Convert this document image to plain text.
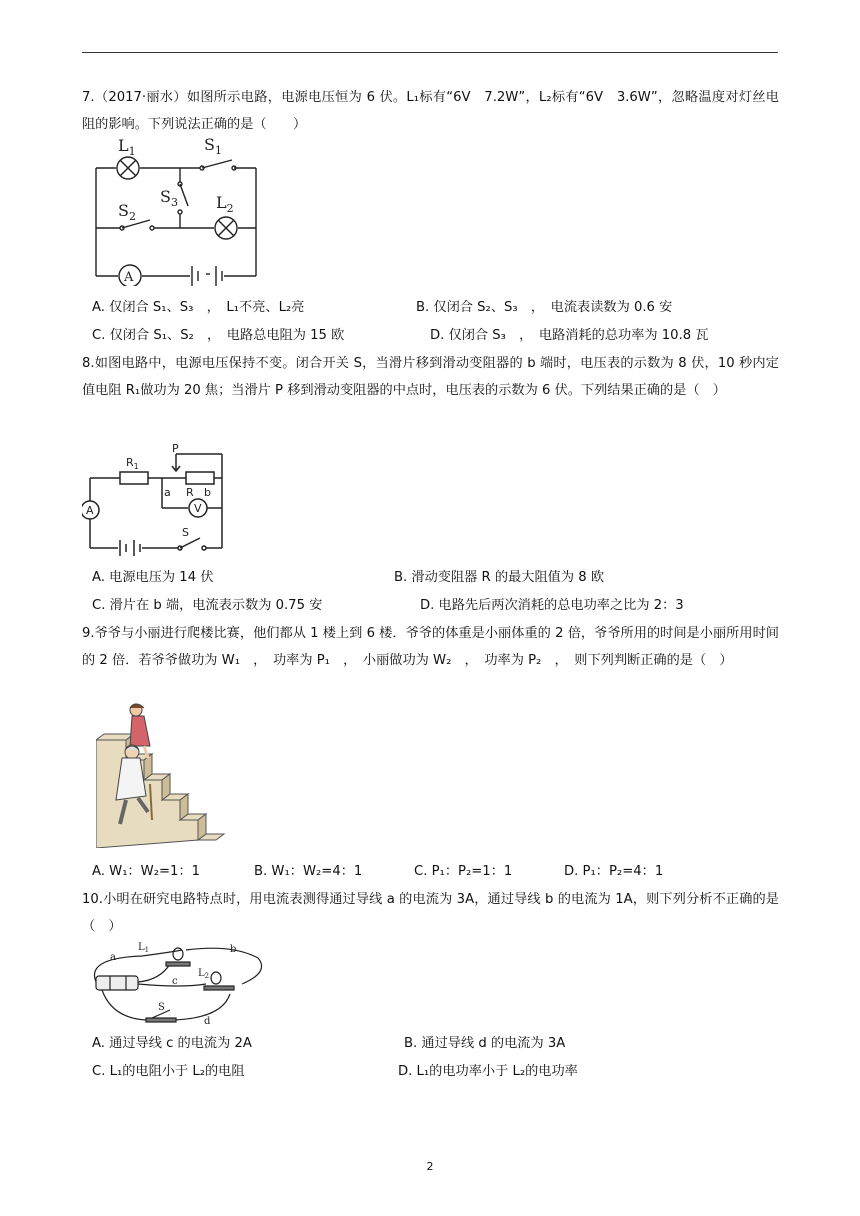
7.（2017·丽水）如图所示电路，电源电压恒为 6 伏。L₁标有“6V　7.2W”，L₂标有“6V　3.6W”，忽略温度对灯丝电阻的影响。下列说法正确的是（　　）
$L_1$	$S_1$
$S_3$
$S_2$
$L_2$
A
A. 仅闭合 S₁、S₃　，　L₁不亮、L₂亮	B. 仅闭合 S₂、S₃　，　电流表读数为 0.6 安
C. 仅闭合 S₁、S₂　，　电路总电阻为 15 欧	D. 仅闭合 S₃　，　电路消耗的总功率为 10.8 瓦
8.如图电路中，电源电压保持不变。闭合开关 S，当滑片移到滑动变阻器的 b 端时，电压表的示数为 8 伏，10 秒内定值电阻 R₁做功为 20 焦；当滑片 P 移到滑动变阻器的中点时，电压表的示数为 6 伏。下列结果正确的是（　）
$R_1$
P
a R b
A	V
S
A. 电源电压为 14 伏	B. 滑动变阻器 R 的最大阻值为 8 欧
C. 滑片在 b 端，电流表示数为 0.75 安	D. 电路先后两次消耗的总电功率之比为 2：3
9.爷爷与小丽进行爬楼比赛，他们都从 1 楼上到 6 楼．爷爷的体重是小丽体重的 2 倍，爷爷所用的时间是小丽所用时间的 2 倍．若爷爷做功为 W₁　，　功率为 P₁　，　小丽做功为 W₂　，　功率为 P₂　，　则下列判断正确的是（　）
A. W₁：W₂=1：1	B. W₁：W₂=4：1	C. P₁：P₂=1：1	D. P₁：P₂=4：1
10.小明在研究电路特点时，用电流表测得通过导线 a 的电流为 3A，通过导线 b 的电流为 1A，则下列分析不正确的是（　）
$L_1$
$L_2$
a
b
c
S
d
A. 通过导线 c 的电流为 2A	B. 通过导线 d 的电流为 3A
C. L₁的电阻小于 L₂的电阻	D. L₁的电功率小于 L₂的电功率
2
